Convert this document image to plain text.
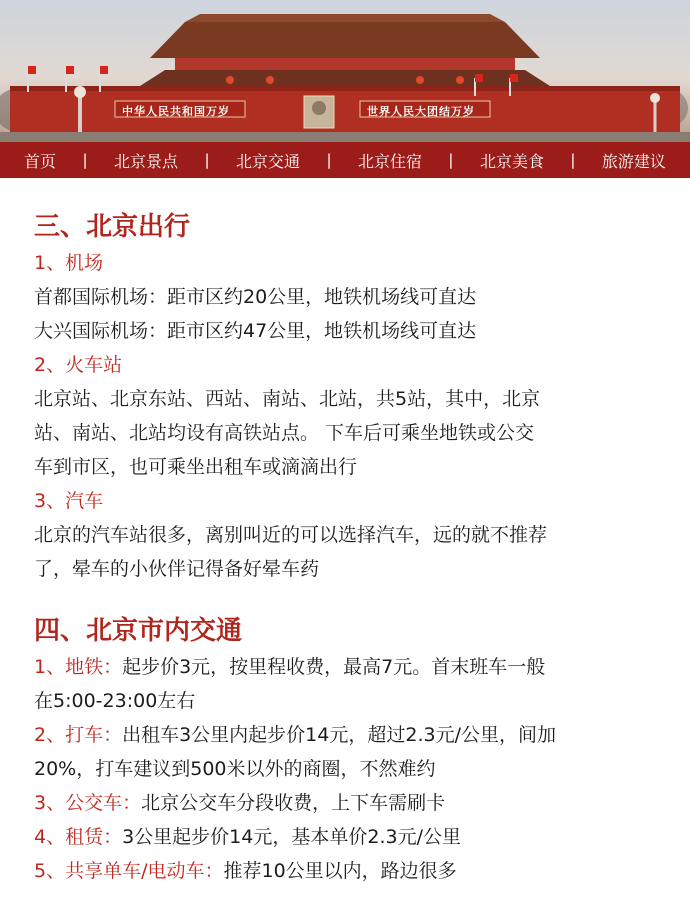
中华人民共和国万岁	世界人民大团结万岁
首页 | 北京景点 | 北京交通 | 北京住宿 | 北京美食 | 旅游建议
三、北京出行
1、机场
首都国际机场：距市区约20公里，地铁机场线可直达
大兴国际机场：距市区约47公里，地铁机场线可直达
2、火车站
北京站、北京东站、西站、南站、北站，共5站，其中，北京
站、南站、北站均设有高铁站点。 下车后可乘坐地铁或公交
车到市区，也可乘坐出租车或滴滴出行
3、汽车
北京的汽车站很多，离别叫近的可以选择汽车，远的就不推荐
了，晕车的小伙伴记得备好晕车药
四、北京市内交通
1、地铁：起步价3元，按里程收费，最高7元。首末班车一般
在5:00-23:00左右
2、打车：出租车3公里内起步价14元，超过2.3元/公里，间加
20%，打车建议到500米以外的商圈，不然难约
3、公交车：北京公交车分段收费，上下车需刷卡
4、租赁：3公里起步价14元，基本单价2.3元/公里
5、共享单车/电动车：推荐10公里以内，路边很多
